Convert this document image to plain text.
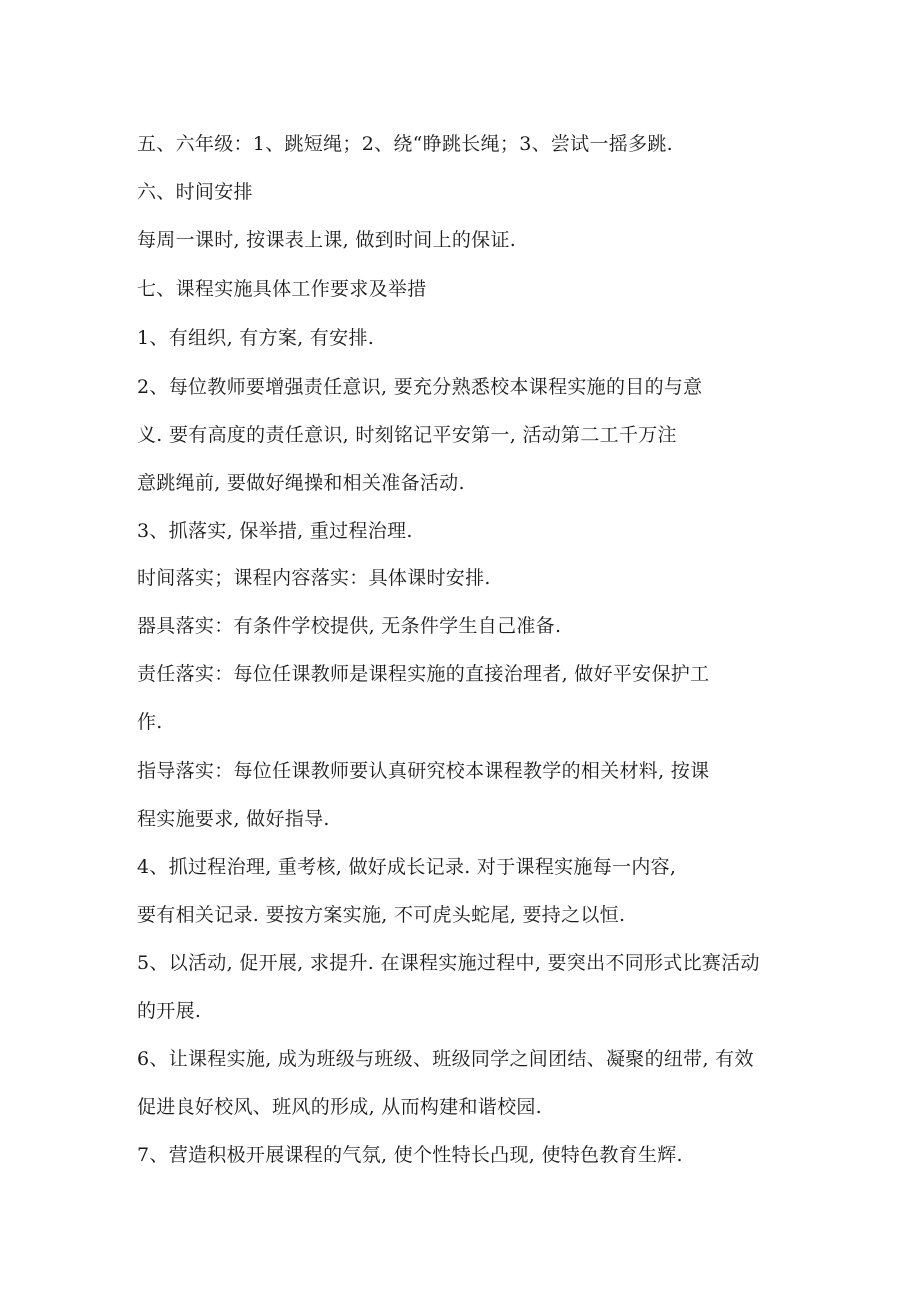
五、六年级：1、跳短绳；2、绕“睁跳长绳；3、尝试一摇多跳.
六、时间安排
每周一课时, 按课表上课, 做到时间上的保证.
七、课程实施具体工作要求及举措
1、有组织, 有方案, 有安排.
2、每位教师要增强责任意识, 要充分熟悉校本课程实施的目的与意
义. 要有高度的责任意识, 时刻铭记平安第一, 活动第二工千万注
意跳绳前, 要做好绳操和相关准备活动.
3、抓落实, 保举措, 重过程治理.
时间落实；课程内容落实：具体课时安排.
器具落实：有条件学校提供, 无条件学生自己准备.
责任落实：每位任课教师是课程实施的直接治理者, 做好平安保护工
作.
指导落实：每位任课教师要认真研究校本课程教学的相关材料, 按课
程实施要求, 做好指导.
4、抓过程治理, 重考核, 做好成长记录. 对于课程实施每一内容,
要有相关记录. 要按方案实施, 不可虎头蛇尾, 要持之以恒.
5、以活动, 促开展, 求提升. 在课程实施过程中, 要突出不同形式比赛活动
的开展.
6、让课程实施, 成为班级与班级、班级同学之间团结、凝聚的纽带, 有效
促进良好校风、班风的形成, 从而构建和谐校园.
7、营造积极开展课程的气氛, 使个性特长凸现, 使特色教育生辉.
